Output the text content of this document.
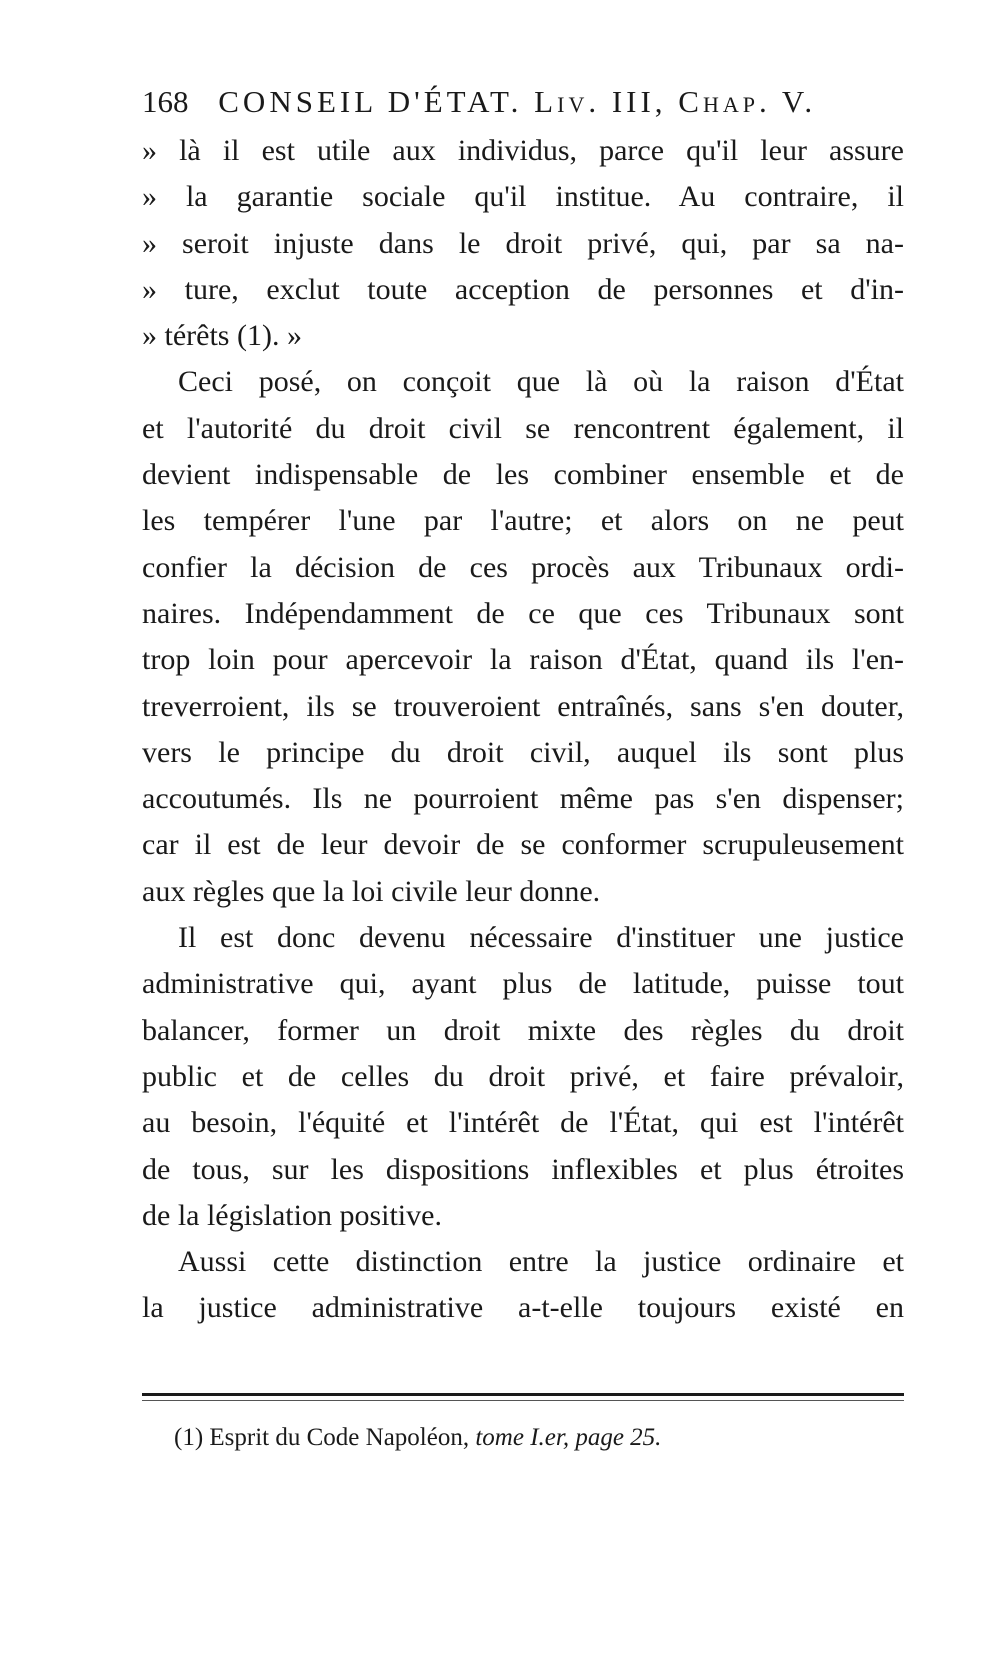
168 CONSEIL D'ÉTAT. Liv. III, Chap. V.
» là il est utile aux individus, parce qu'il leur assure
» la garantie sociale qu'il institue. Au contraire, il
» seroit injuste dans le droit privé, qui, par sa na-
» ture, exclut toute acception de personnes et d'in-
» térêts (1). »
Ceci posé, on conçoit que là où la raison d'État
et l'autorité du droit civil se rencontrent également, il
devient indispensable de les combiner ensemble et de
les tempérer l'une par l'autre; et alors on ne peut
confier la décision de ces procès aux Tribunaux ordi-
naires. Indépendamment de ce que ces Tribunaux sont
trop loin pour apercevoir la raison d'État, quand ils l'en-
treverroient, ils se trouveroient entraînés, sans s'en douter,
vers le principe du droit civil, auquel ils sont plus
accoutumés. Ils ne pourroient même pas s'en dispenser;
car il est de leur devoir de se conformer scrupuleusement
aux règles que la loi civile leur donne.
Il est donc devenu nécessaire d'instituer une justice
administrative qui, ayant plus de latitude, puisse tout
balancer, former un droit mixte des règles du droit
public et de celles du droit privé, et faire prévaloir,
au besoin, l'équité et l'intérêt de l'État, qui est l'intérêt
de tous, sur les dispositions inflexibles et plus étroites
de la législation positive.
Aussi cette distinction entre la justice ordinaire et
la justice administrative a-t-elle toujours existé en
(1) Esprit du Code Napoléon, tome I.er, page 25.
